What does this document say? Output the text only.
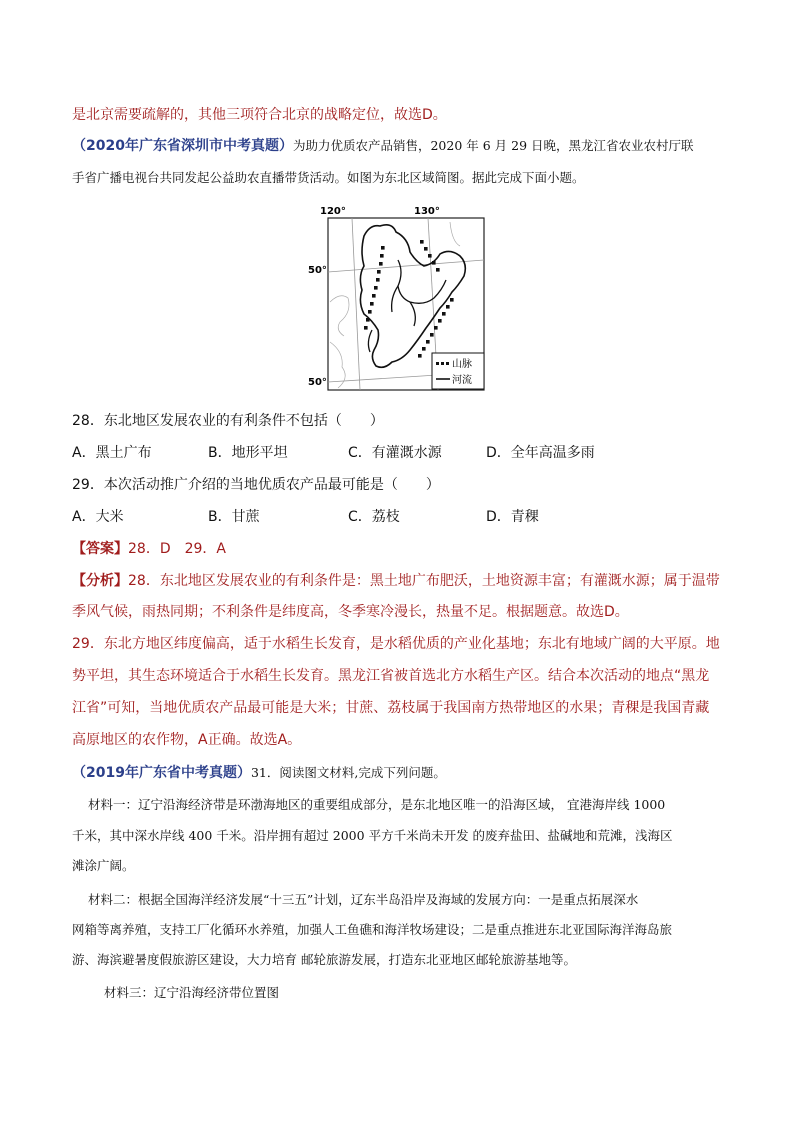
是北京需要疏解的，其他三项符合北京的战略定位，故选D。
（2020年广东省深圳市中考真题）为助力优质农产品销售，2020 年 6 月 29 日晚，黑龙江省农业农村厅联
手省广播电视台共同发起公益助农直播带货活动。如图为东北区域简图。据此完成下面小题。
120°	130°
50°
50°
山脉
河流
28．东北地区发展农业的有利条件不包括（　　）
A．黑土广布	B．地形平坦	C．有灌溉水源	D．全年高温多雨
29．本次活动推广介绍的当地优质农产品最可能是（　　）
A．大米	B．甘蔗	C．荔枝	D．青稞
【答案】28．D　29．A
【分析】28．东北地区发展农业的有利条件是：黑土地广布肥沃，土地资源丰富；有灌溉水源；属于温带
季风气候，雨热同期；不利条件是纬度高，冬季寒冷漫长，热量不足。根据题意。故选D。
29．东北方地区纬度偏高，适于水稻生长发育，是水稻优质的产业化基地；东北有地域广阔的大平原。地
势平坦，其生态环境适合于水稻生长发育。黑龙江省被首选北方水稻生产区。结合本次活动的地点“黑龙
江省”可知，当地优质农产品最可能是大米；甘蔗、荔枝属于我国南方热带地区的水果；青稞是我国青藏
高原地区的农作物，A正确。故选A。
（2019年广东省中考真题）31．阅读图文材料,完成下列问题。
材料一：辽宁沿海经济带是环渤海地区的重要组成部分，是东北地区唯一的沿海区域， 宜港海岸线 1000
千米，其中深水岸线 400 千米。沿岸拥有超过 2000 平方千米尚未开发 的废弃盐田、盐碱地和荒滩，浅海区
滩涂广阔。
材料二：根据全国海洋经济发展“十三五”计划，辽东半岛沿岸及海域的发展方向：一是重点拓展深水
网箱等离养殖，支持工厂化循环水养殖，加强人工鱼礁和海洋牧场建设；二是重点推进东北亚国际海洋海岛旅
游、海滨避暑度假旅游区建设，大力培育 邮轮旅游发展，打造东北亚地区邮轮旅游基地等。
材料三：辽宁沿海经济带位置图
